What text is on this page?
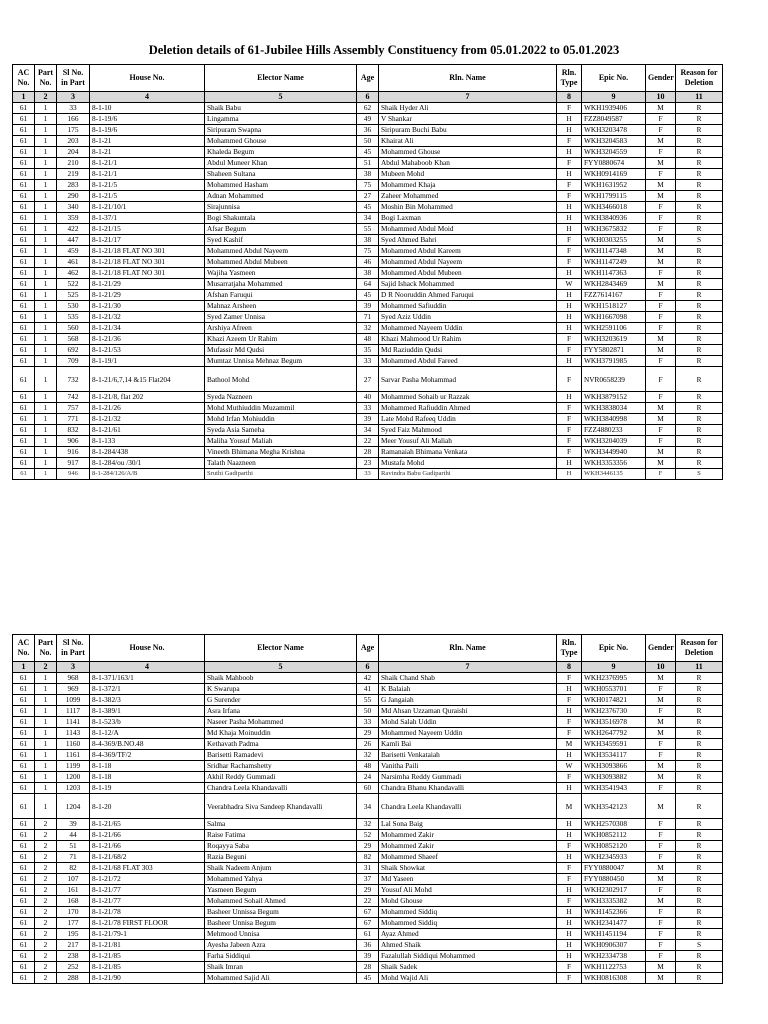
Deletion details of 61-Jubilee Hills Assembly Constituency from 05.01.2022 to 05.01.2023
AC No.	Part No.	Sl No. in Part	House No.	Elector Name	Age	Rln. Name	Rln. Type	Epic No.	Gender	Reason for Deletion
1	2	3	4	5	6	7	8	9	10	11
61	1	33	8-1-10	Shaik Babu	62	Shaik Hyder Ali	F	WKH1939406	M	R
61	1	166	8-1-19/6	Lingamma	49	V Shankar	H	FZZ8049587	F	R
61	1	175	8-1-19/6	Siripuram Swapna	36	Siripuram Buchi Babu	H	WKH3203478	F	R
61	1	203	8-1-21	Mohammed Ghouse	50	Khairat Ali	F	WKH3204583	M	R
61	1	204	8-1-21	Khaleda Begum	45	Mohammed Ghouse	H	WKH3204559	F	R
61	1	210	8-1-21/1	Abdul Muneer Khan	51	Abdul Mahaboob Khan	F	FYY0880674	M	R
61	1	219	8-1-21/1	Shaheen Sultana	38	Mubeen Mohd	H	WKH0914169	F	R
61	1	283	8-1-21/5	Mohammed Hasham	75	Mohammed Khaja	F	WKH1631952	M	R
61	1	290	8-1-21/5	Adnan Mohammed	27	Zaheer Mohammed	F	WKH1799115	M	R
61	1	340	8-1-21/10/1	Sirajunnisa	45	Moshin Bin Mohammed	H	WKH3466018	F	R
61	1	359	8-1-37/1	Bogi Shakuntala	34	Bogi Laxman	H	WKH3840936	F	R
61	1	422	8-1-21/15	Afsar Begum	55	Mohammed Abdul Moid	H	WKH3675832	F	R
61	1	447	8-1-21/17	Syed Kashif	38	Syed Ahmed Bahri	F	WKH0303255	M	S
61	1	459	8-1-21/18 FLAT NO 301	Mohammed Abdul Nayeem	75	Mohammed Abdul Kareem	F	WKH1147348	M	R
61	1	461	8-1-21/18 FLAT NO 301	Mohammed Abdul Mubeen	46	Mohammed Abdul Nayeem	F	WKH1147249	M	R
61	1	462	8-1-21/18 FLAT NO 301	Wajiha Yasmeen	38	Mohammed Abdul Mubeen	H	WKH1147363	F	R
61	1	522	8-1-21/29	Musarratjaha Mohammed	64	Sajid Ishack Mohammed	W	WKH2843469	M	R
61	1	525	8-1-21/29	Afshan Faruqui	45	D R Nooruddin Ahmed Faruqui	H	FZZ7614167	F	R
61	1	530	8-1-21/30	Mahnaz Arsheen	39	Mohammed Safiuddin	H	WKH1518127	F	R
61	1	535	8-1-21/32	Syed Zamer Unnisa	71	Syed Aziz Uddin	H	WKH1667098	F	R
61	1	560	8-1-21/34	Arshiya Afreen	32	Mohammed Nayeem Uddin	H	WKH2591106	F	R
61	1	568	8-1-21/36	Khazi Azeem Ur Rahim	48	Khazi Mahmood Ur Rahim	F	WKH3203619	M	R
61	1	692	8-1-21/53	Mufassir Md Qudsi	35	Md Raziuddin Qudsi	F	FYY5802871	M	R
61	1	709	8-1-19/1	Mumtaz Unnisa Mehnaz Begum	33	Mohammed Abdul Fareed	H	WKH3791985	F	R
61	1	732	8-1-21/6,7,14 &15 Flat204	Bathool Mohd	27	Sarvar Pasha Mohammad	F	NVR0658239	F	R
61	1	742	8-1-21/8, flat 202	Syeda Nazneen	40	Mohammed Sohaib ur Razzak	H	WKH3879152	F	R
61	1	757	8-1-21/26	Mohd Muthiuddin Muzammil	33	Mohammed Rafiuddin Ahmed	F	WKH3838034	M	R
61	1	771	8-1-21/32	Mohd Irfan Mohiuddin	39	Late Mohd Rafeeq Uddin	F	WKH3840998	M	R
61	1	832	8-1-21/61	Syeda Asia Sameha	34	Syed Faiz Mahmood	F	FZZ4880233	F	R
61	1	906	8-1-133	Maliha Yousuf Maliah	22	Meer Yousuf Ali Maliah	F	WKH3204039	F	R
61	1	916	8-1-284/438	Vineeth Bhimana Megha Krishna	28	Ramanaiah Bhimana Venkata	F	WKH3449940	M	R
61	1	917	8-1-284/ou /30/1	Talath Naazneen	23	Mustafa Mohd	H	WKH3353356	M	R
61	1	946	8-1-284/126/A/B	Sruthi Gadiparthi	33	Ravindra Babu Gadiparthi	H	WKH3446135	F	S
AC No.	Part No.	Sl No. in Part	House No.	Elector Name	Age	Rln. Name	Rln. Type	Epic No.	Gender	Reason for Deletion
1	2	3	4	5	6	7	8	9	10	11
61	1	968	8-1-371/163/1	Shaik Mahboob	42	Shaik Chand Shab	F	WKH2376995	M	R
61	1	969	8-1-372/1	K Swarupa	41	K Balaiah	H	WKH0553701	F	R
61	1	1099	8-1-382/3	G Surender	55	G Jangaiah	F	WKH0174821	M	R
61	1	1117	8-1-389/1	Asra Irfana	50	Md Ahsan Uzzaman Quraishi	H	WKH2376730	F	R
61	1	1141	8-1-523/b	Naseer Pasha Mohammed	33	Mohd Salah Uddin	F	WKH3516978	M	R
61	1	1143	8-1-12/A	Md Khaja Moinuddin	29	Mohammed Nayeem Uddin	F	WKH2647792	M	R
61	1	1160	8-4-369/B.NO.48	Kethavath Padma	26	Kamli Bai	M	WKH3459591	F	R
61	1	1161	8-4-369/TF/2	Barisetti Ramadevi	32	Barisetti Venkataiah	H	WKH3534117	F	R
61	1	1199	8-1-18	Sridhar Rachamshetty	48	Vanitha Paili	W	WKH3093866	M	R
61	1	1200	8-1-18	Akhil Reddy Gummadi	24	Narsimha Reddy Gummadi	F	WKH3093882	M	R
61	1	1203	8-1-19	Chandra Leela Khandavalli	60	Chandra Bhanu Khandavalli	H	WKH3541943	F	R
61	1	1204	8-1-20	Veerabhadra Siva Sandeep Khandavalli	34	Chandra Leela Khandavalli	M	WKH3542123	M	R
61	2	39	8-1-21/65	Salma	32	Lal Sona Baig	H	WKH2570308	F	R
61	2	44	8-1-21/66	Raise Fatima	52	Mohammed Zakir	H	WKH0852112	F	R
61	2	51	8-1-21/66	Roqayya Saba	29	Mohammed Zakir	F	WKH0852120	F	R
61	2	71	8-1-21/68/2	Razia Beguni	82	Mohammed Shaeef	H	WKH2345933	F	R
61	2	82	8-1-21/68 FLAT 303	Shaik Nadeem Anjum	31	Shaik Showkat	F	FYY0880047	M	R
61	2	107	8-1-21/72	Mohammed Yahya	37	Md Yaseen	F	FYY0880450	M	R
61	2	161	8-1-21/77	Yasmeen Begum	29	Yousuf Ali Mohd	H	WKH2302917	F	R
61	2	168	8-1-21/77	Mohammed Sohail Ahmed	22	Mohd Ghouse	F	WKH3335382	M	R
61	2	170	8-1-21/78	Basheer Unnissa Begum	67	Mohammed Siddiq	H	WKH1452366	F	R
61	2	177	8-1-21/78 FIRST FLOOR	Basheer Unnisa Begum	67	Mohammed Siddiq	H	WKH2341477	F	R
61	2	195	8-1-21/79-1	Mehmood Unnisa	61	Ayaz Ahmed	H	WKH1451194	F	R
61	2	217	8-1-21/81	Ayesha Jabeen Azra	36	Ahmed Shaik	H	WKH0906307	F	S
61	2	238	8-1-21/85	Farha Siddiqui	39	Fazalullah Siddiqui Mohammed	H	WKH2334738	F	R
61	2	252	8-1-21/85	Shaik Imran	28	Shaik Sadek	F	WKH1122753	M	R
61	2	288	8-1-21/90	Mohammed Sajid Ali	45	Mohd Wajid Ali	F	WKH0816308	M	R
